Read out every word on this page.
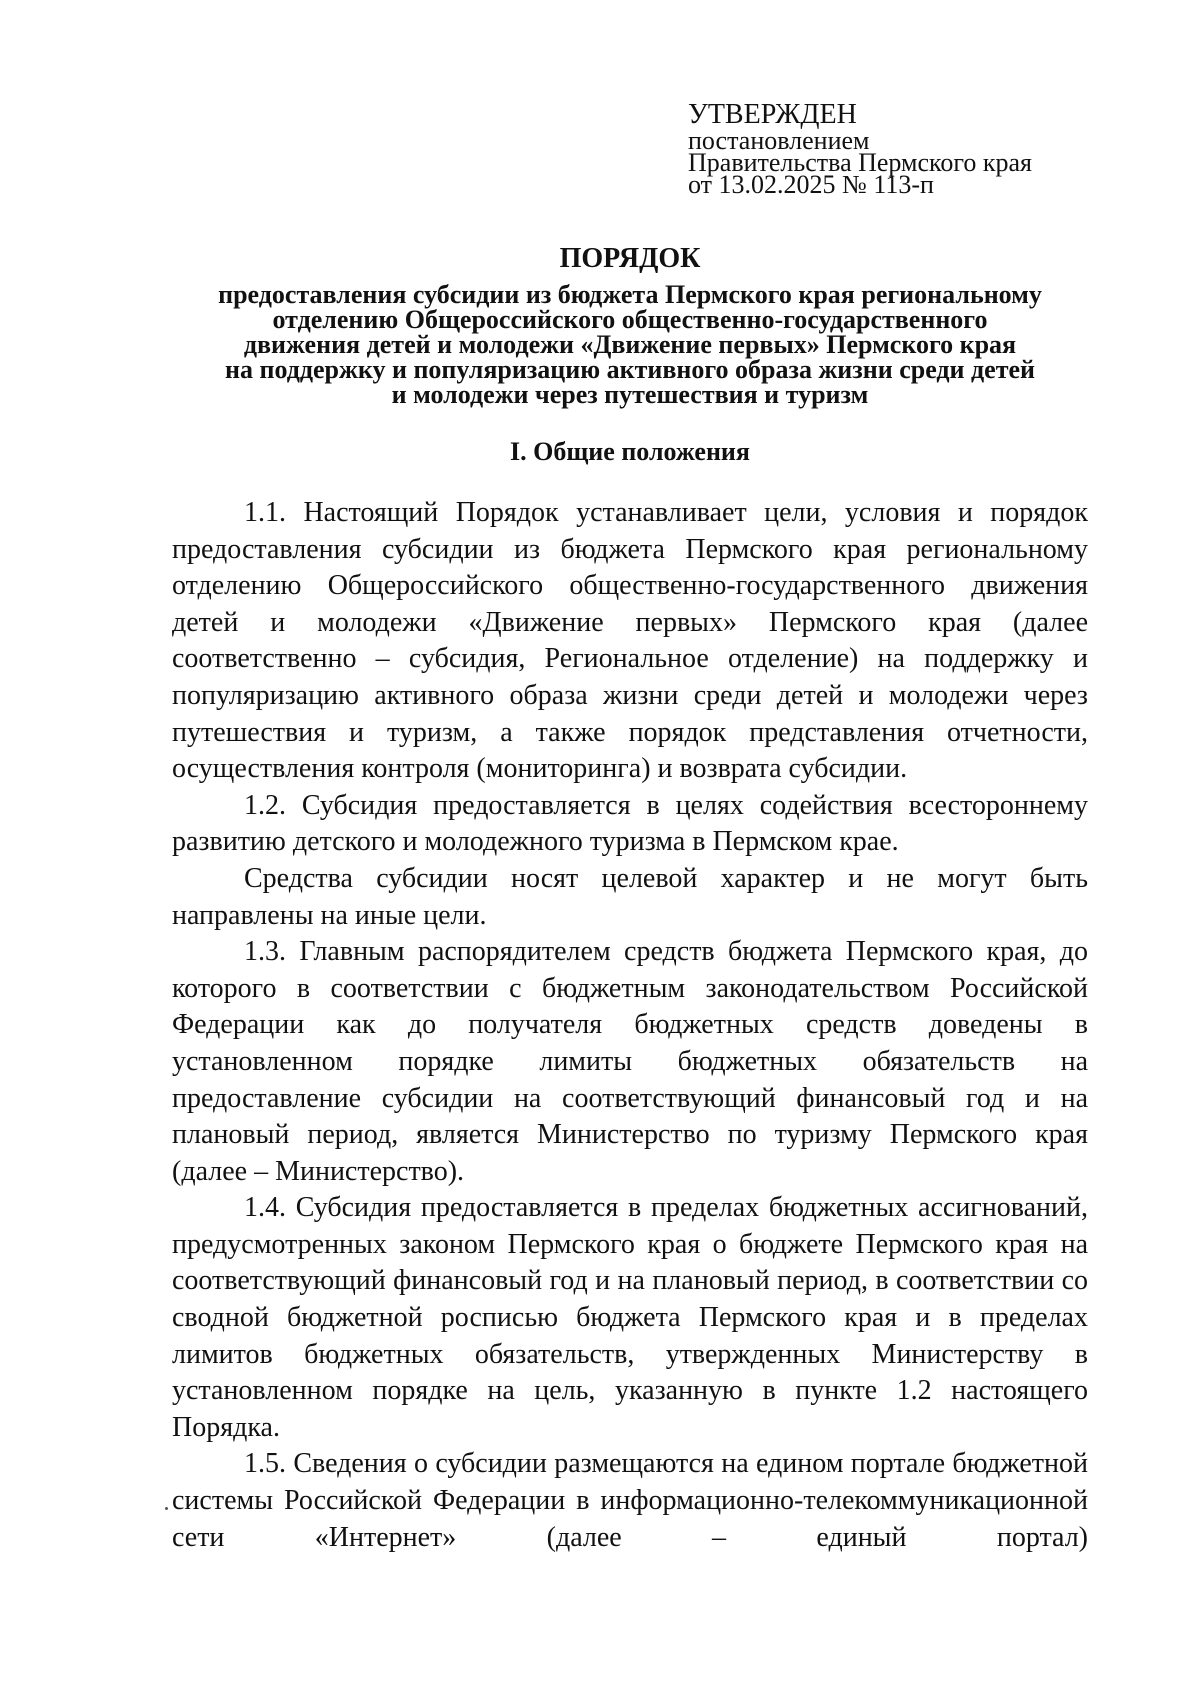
УТВЕРЖДЕН
постановлением
Правительства Пермского края
от 13.02.2025 № 113-п
ПОРЯДОК
предоставления субсидии из бюджета Пермского края региональному
отделению Общероссийского общественно-государственного
движения детей и молодежи «Движение первых» Пермского края
на поддержку и популяризацию активного образа жизни среди детей
и молодежи через путешествия и туризм
I. Общие положения

1.1. Настоящий Порядок устанавливает цели, условия и порядок предоставления субсидии из бюджета Пермского края региональному отделению Общероссийского общественно-государственного движения детей и молодежи «Движение первых» Пермского края (далее соответственно – субсидия, Региональное отделение) на поддержку и популяризацию активного образа жизни среди детей и молодежи через путешествия и туризм, а также порядок представления отчетности, осуществления контроля (мониторинга) и возврата субсидии.

1.2. Субсидия предоставляется в целях содействия всестороннему развитию детского и молодежного туризма в Пермском крае.

Средства субсидии носят целевой характер и не могут быть направлены на иные цели.

1.3. Главным распорядителем средств бюджета Пермского края, до которого в соответствии с бюджетным законодательством Российской Федерации как до получателя бюджетных средств доведены в установленном порядке лимиты бюджетных обязательств на предоставление субсидии на соответствующий финансовый год и на плановый период, является Министерство по туризму Пермского края (далее – Министерство).

1.4. Субсидия предоставляется в пределах бюджетных ассигнований, предусмотренных законом Пермского края о бюджете Пермского края на соответствующий финансовый год и на плановый период, в соответствии со сводной бюджетной росписью бюджета Пермского края и в пределах лимитов бюджетных обязательств, утвержденных Министерству в установленном порядке на цель, указанную в пункте 1.2 настоящего Порядка.

1.5. Сведения о субсидии размещаются на едином портале бюджетной системы Российской Федерации в информационно-телекоммуникационной сети «Интернет» (далее – единый портал)
